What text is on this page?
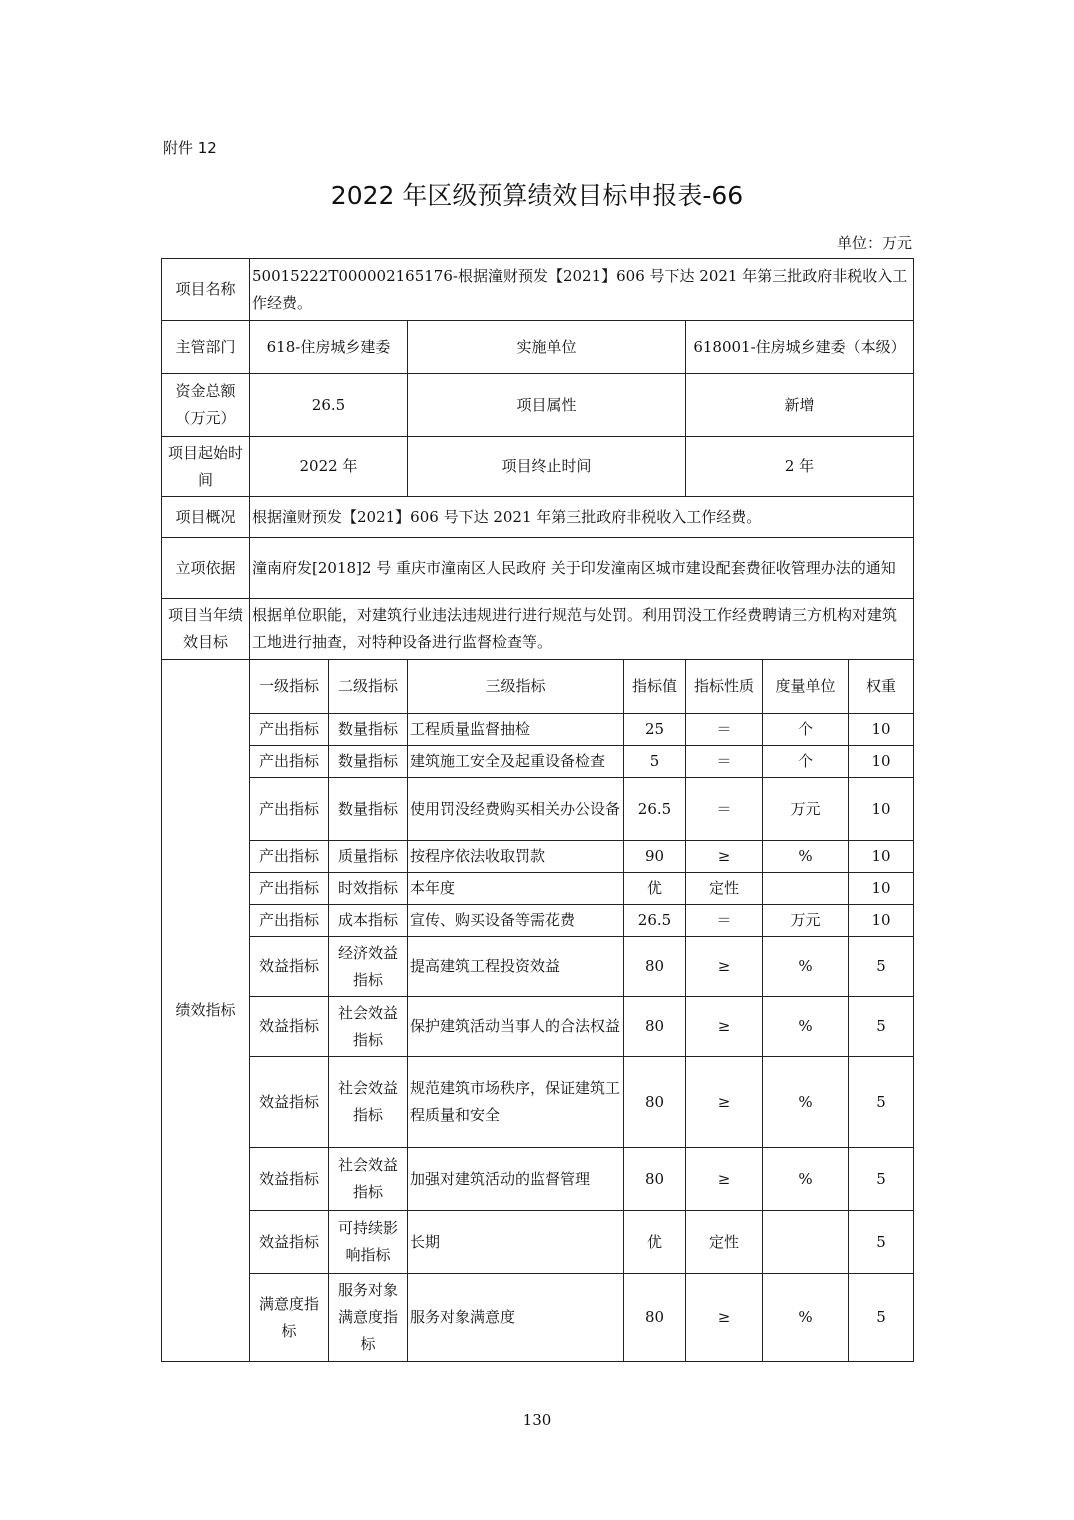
附件 12
2022 年区级预算绩效目标申报表-66
单位：万元
项目名称	50015222T000002165176-根据潼财预发【2021】606 号下达 2021 年第三批政府非税收入工作经费。						
主管部门	618-住房城乡建委		实施单位		618001-住房城乡建委（本级）		
资金总额（万元）	26.5		项目属性		新增		
项目起始时间	2022 年		项目终止时间		2 年		
项目概况	根据潼财预发【2021】606 号下达 2021 年第三批政府非税收入工作经费。						
立项依据	潼南府发[2018]2 号 重庆市潼南区人民政府 关于印发潼南区城市建设配套费征收管理办法的通知						
项目当年绩效目标	根据单位职能，对建筑行业违法违规进行进行规范与处罚。利用罚没工作经费聘请三方机构对建筑工地进行抽查，对特种设备进行监督检查等。						
绩效指标	一级指标	二级指标	三级指标	指标值	指标性质	度量单位	权重
	产出指标	数量指标	工程质量监督抽检	25	＝	个	10
	产出指标	数量指标	建筑施工安全及起重设备检查	5	＝	个	10
	产出指标	数量指标	使用罚没经费购买相关办公设备	26.5	＝	万元	10
	产出指标	质量指标	按程序依法收取罚款	90	≥	%	10
	产出指标	时效指标	本年度	优	定性		10
	产出指标	成本指标	宣传、购买设备等需花费	26.5	＝	万元	10
	效益指标	经济效益指标	提高建筑工程投资效益	80	≥	%	5
	效益指标	社会效益指标	保护建筑活动当事人的合法权益	80	≥	%	5
	效益指标	社会效益指标	规范建筑市场秩序，保证建筑工程质量和安全	80	≥	%	5
	效益指标	社会效益指标	加强对建筑活动的监督管理	80	≥	%	5
	效益指标	可持续影响指标	长期	优	定性		5
	满意度指标	服务对象满意度指标	服务对象满意度	80	≥	%	5
130
